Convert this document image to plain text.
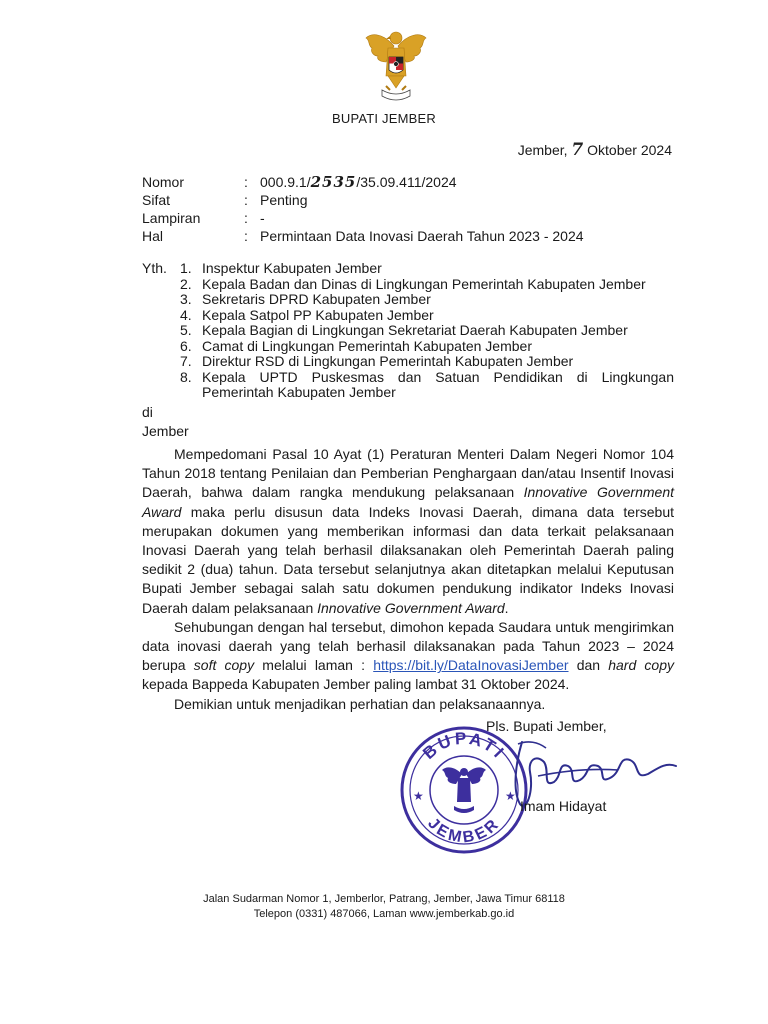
BUPATI JEMBER
Jember, 7 Oktober 2024
Nomor	: 000.9.1/2535/35.09.411/2024
Sifat	: Penting
Lampiran	: -
Hal	: Permintaan Data Inovasi Daerah Tahun 2023 - 2024
Yth. 1. Inspektur Kabupaten Jember
2. Kepala Badan dan Dinas di Lingkungan Pemerintah Kabupaten Jember
3. Sekretaris DPRD Kabupaten Jember
4. Kepala Satpol PP Kabupaten Jember
5. Kepala Bagian di Lingkungan Sekretariat Daerah Kabupaten Jember
6. Camat di Lingkungan Pemerintah Kabupaten Jember
7. Direktur RSD di Lingkungan Pemerintah Kabupaten Jember
8. Kepala UPTD Puskesmas dan Satuan Pendidikan di Lingkungan Pemerintah Kabupaten Jember
di
Jember

Mempedomani Pasal 10 Ayat (1) Peraturan Menteri Dalam Negeri Nomor 104 Tahun 2018 tentang Penilaian dan Pemberian Penghargaan dan/atau Insentif Inovasi Daerah, bahwa dalam rangka mendukung pelaksanaan Innovative Government Award maka perlu disusun data Indeks Inovasi Daerah, dimana data tersebut merupakan dokumen yang memberikan informasi dan data terkait pelaksanaan Inovasi Daerah yang telah berhasil dilaksanakan oleh Pemerintah Daerah paling sedikit 2 (dua) tahun. Data tersebut selanjutnya akan ditetapkan melalui Keputusan Bupati Jember sebagai salah satu dokumen pendukung indikator Indeks Inovasi Daerah dalam pelaksanaan Innovative Government Award.

Sehubungan dengan hal tersebut, dimohon kepada Saudara untuk mengirimkan data inovasi daerah yang telah berhasil dilaksanakan pada Tahun 2023 – 2024 berupa soft copy melalui laman : https://bit.ly/DataInovasiJember dan hard copy kepada Bappeda Kabupaten Jember paling lambat 31 Oktober 2024.

Demikian untuk menjadikan perhatian dan pelaksanaannya.

BUPATI
JEMBER
★	★
Pls. Bupati Jember,
Imam Hidayat
Jalan Sudarman Nomor 1, Jemberlor, Patrang, Jember, Jawa Timur 68118
Telepon (0331) 487066, Laman www.jemberkab.go.id
